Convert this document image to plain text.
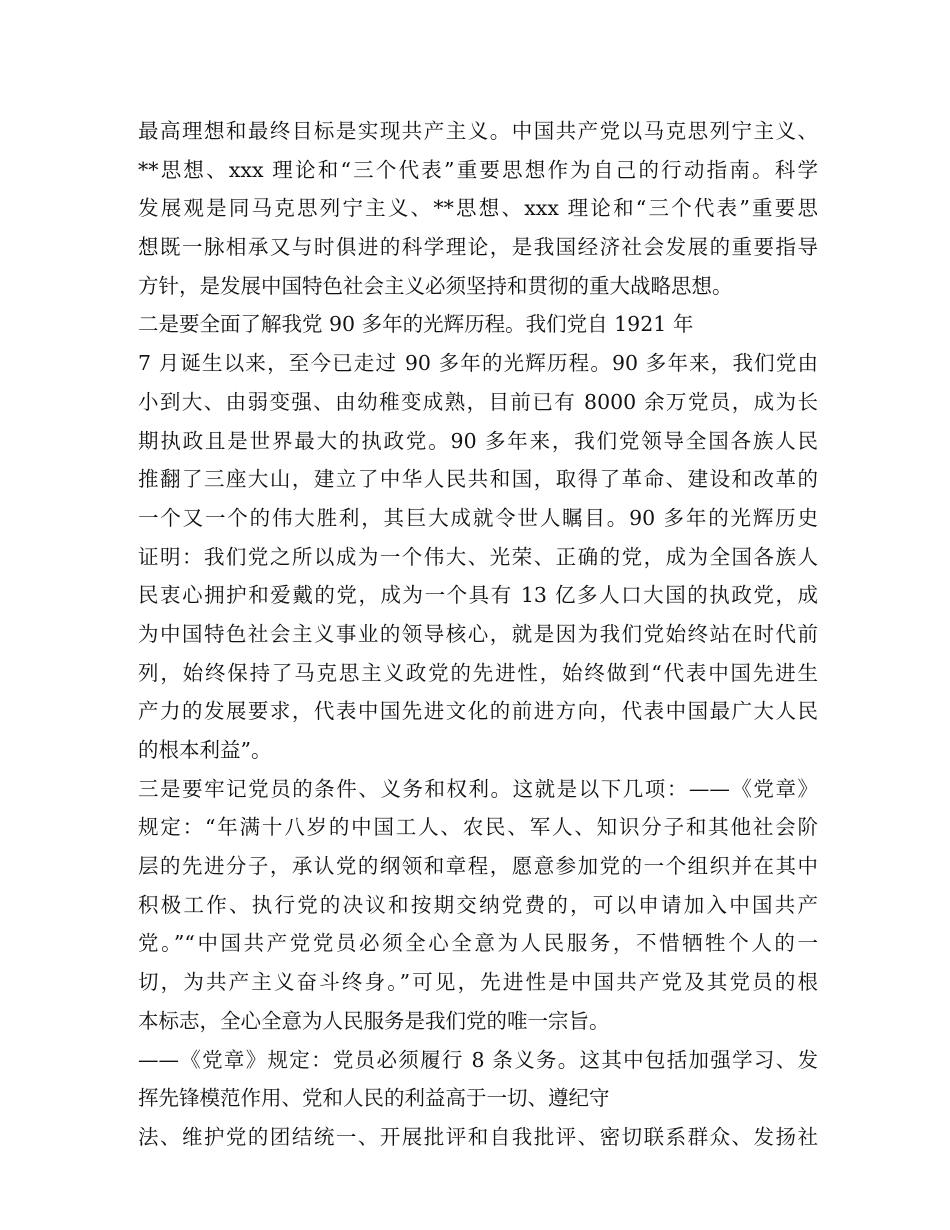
最高理想和最终目标是实现共产主义。中国共产党以马克思列宁主义、
**思想、xxx 理论和“三个代表”重要思想作为自己的行动指南。科学
发展观是同马克思列宁主义、**思想、xxx 理论和“三个代表”重要思
想既一脉相承又与时俱进的科学理论，是我国经济社会发展的重要指导
方针，是发展中国特色社会主义必须坚持和贯彻的重大战略思想。
二是要全面了解我党 90 多年的光辉历程。我们党自 1921 年
7 月诞生以来，至今已走过 90 多年的光辉历程。90 多年来，我们党由
小到大、由弱变强、由幼稚变成熟，目前已有 8000 余万党员，成为长
期执政且是世界最大的执政党。90 多年来，我们党领导全国各族人民
推翻了三座大山，建立了中华人民共和国，取得了革命、建设和改革的
一个又一个的伟大胜利，其巨大成就令世人瞩目。90 多年的光辉历史
证明：我们党之所以成为一个伟大、光荣、正确的党，成为全国各族人
民衷心拥护和爱戴的党，成为一个具有 13 亿多人口大国的执政党，成
为中国特色社会主义事业的领导核心，就是因为我们党始终站在时代前
列，始终保持了马克思主义政党的先进性，始终做到“代表中国先进生
产力的发展要求，代表中国先进文化的前进方向，代表中国最广大人民
的根本利益”。
三是要牢记党员的条件、义务和权利。这就是以下几项：——《党章》
规定：“年满十八岁的中国工人、农民、军人、知识分子和其他社会阶
层的先进分子，承认党的纲领和章程，愿意参加党的一个组织并在其中
积极工作、执行党的决议和按期交纳党费的，可以申请加入中国共产
党。”“中国共产党党员必须全心全意为人民服务，不惜牺牲个人的一
切，为共产主义奋斗终身。”可见，先进性是中国共产党及其党员的根
本标志，全心全意为人民服务是我们党的唯一宗旨。
——《党章》规定：党员必须履行 8 条义务。这其中包括加强学习、发
挥先锋模范作用、党和人民的利益高于一切、遵纪守
法、维护党的团结统一、开展批评和自我批评、密切联系群众、发扬社
